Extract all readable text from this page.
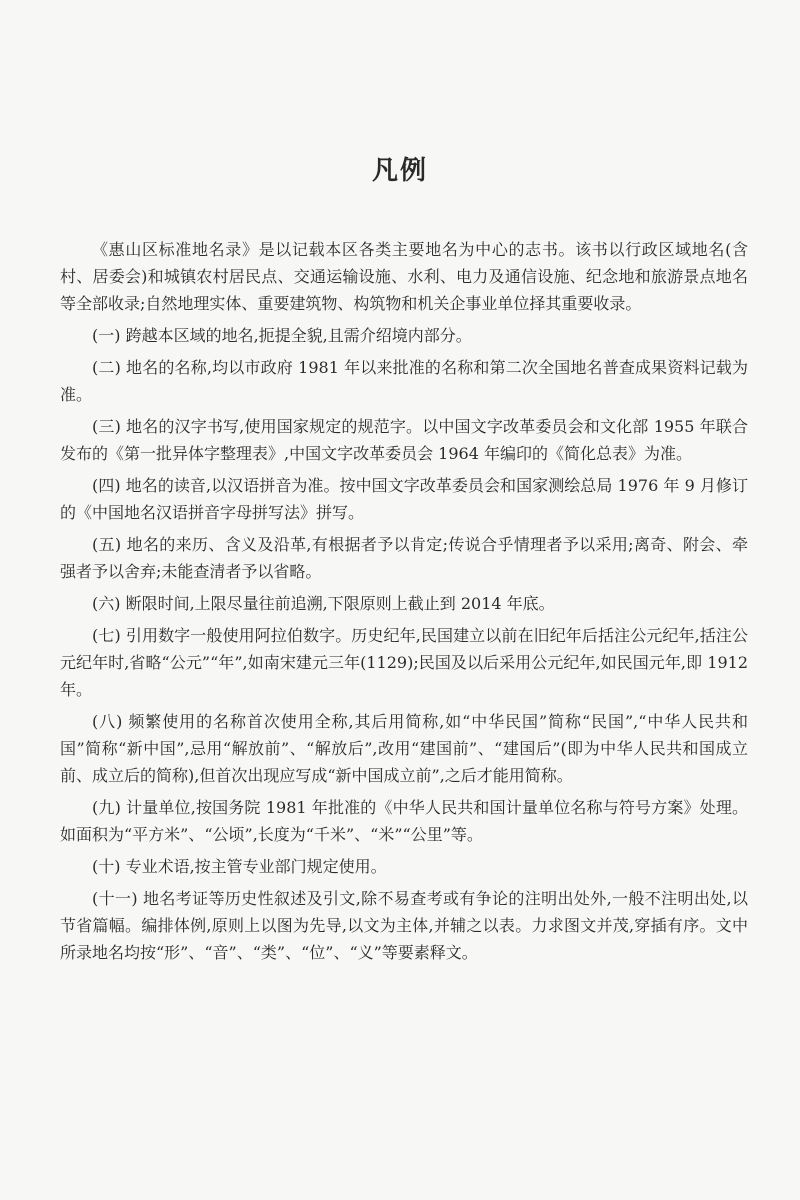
凡例

《惠山区标准地名录》是以记载本区各类主要地名为中心的志书。该书以行政区域地名(含村、居委会)和城镇农村居民点、交通运输设施、水利、电力及通信设施、纪念地和旅游景点地名等全部收录;自然地理实体、重要建筑物、构筑物和机关企事业单位择其重要收录。

(一) 跨越本区域的地名,扼提全貌,且需介绍境内部分。

(二) 地名的名称,均以市政府 1981 年以来批准的名称和第二次全国地名普查成果资料记载为准。

(三) 地名的汉字书写,使用国家规定的规范字。以中国文字改革委员会和文化部 1955 年联合发布的《第一批异体字整理表》,中国文字改革委员会 1964 年编印的《简化总表》为准。

(四) 地名的读音,以汉语拼音为准。按中国文字改革委员会和国家测绘总局 1976 年 9 月修订的《中国地名汉语拼音字母拼写法》拼写。

(五) 地名的来历、含义及沿革,有根据者予以肯定;传说合乎情理者予以采用;离奇、附会、牵强者予以舍弃;未能查清者予以省略。

(六) 断限时间,上限尽量往前追溯,下限原则上截止到 2014 年底。

(七) 引用数字一般使用阿拉伯数字。历史纪年,民国建立以前在旧纪年后括注公元纪年,括注公元纪年时,省略“公元”“年”,如南宋建元三年(1129);民国及以后采用公元纪年,如民国元年,即 1912 年。

(八) 频繁使用的名称首次使用全称,其后用简称,如“中华民国”简称“民国”,“中华人民共和国”简称“新中国”,忌用“解放前”、“解放后”,改用“建国前”、“建国后”(即为中华人民共和国成立前、成立后的简称),但首次出现应写成“新中国成立前”,之后才能用简称。

(九) 计量单位,按国务院 1981 年批准的《中华人民共和国计量单位名称与符号方案》处理。如面积为“平方米”、“公顷”,长度为“千米”、“米”“公里”等。

(十) 专业术语,按主管专业部门规定使用。

(十一) 地名考证等历史性叙述及引文,除不易查考或有争论的注明出处外,一般不注明出处,以节省篇幅。编排体例,原则上以图为先导,以文为主体,并辅之以表。力求图文并茂,穿插有序。文中所录地名均按“形”、“音”、“类”、“位”、“义”等要素释文。
